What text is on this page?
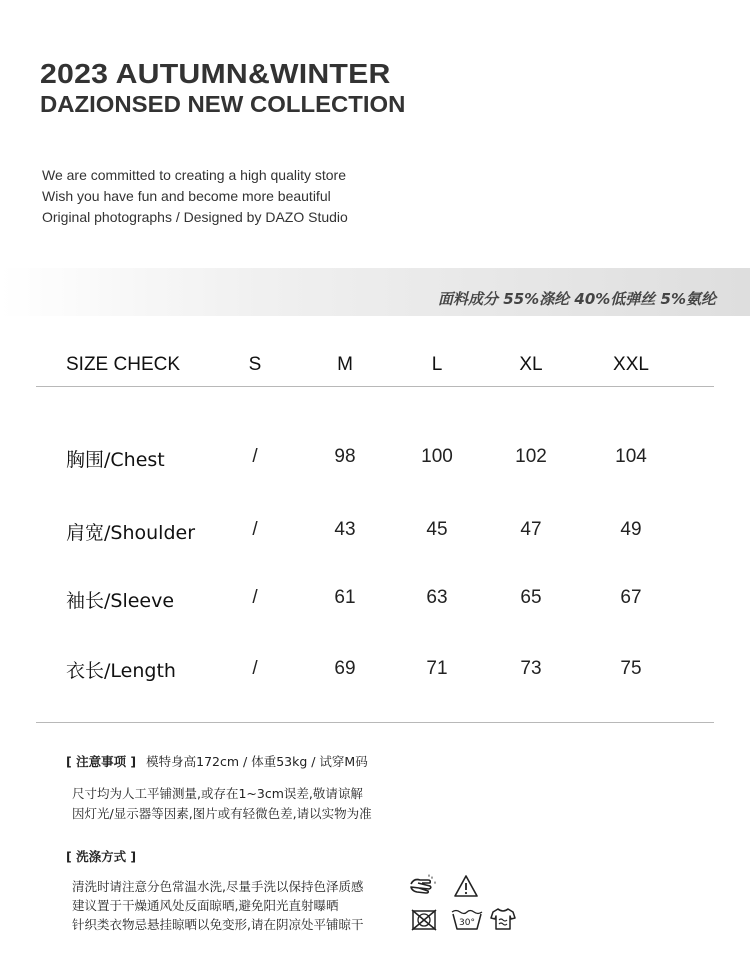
2023 AUTUMN&WINTER
DAZIONSED NEW COLLECTION
We are committed to creating a high quality store
Wish you have fun and become more beautiful
Original photographs / Designed by DAZO Studio
面料成分 55%涤纶 40%低弹丝 5%氨纶
SIZE CHECK	S	M	L	XL	XXL
胸围/Chest	/	98	100	102	104
肩宽/Shoulder	/	43	45	47	49
袖长/Sleeve	/	61	63	65	67
衣长/Length	/	69	71	73	75
[ 注意事项 ] 模特身高172cm / 体重53kg / 试穿M码
尺寸均为人工平铺测量,或存在1~3cm误差,敬请谅解
因灯光/显示器等因素,图片或有轻微色差,请以实物为准
[ 洗涤方式 ]
清洗时请注意分色常温水洗,尽量手洗以保持色泽质感
建议置于干燥通风处反面晾晒,避免阳光直射曝晒
针织类衣物忌悬挂晾晒以免变形,请在阴凉处平铺晾干	30°
